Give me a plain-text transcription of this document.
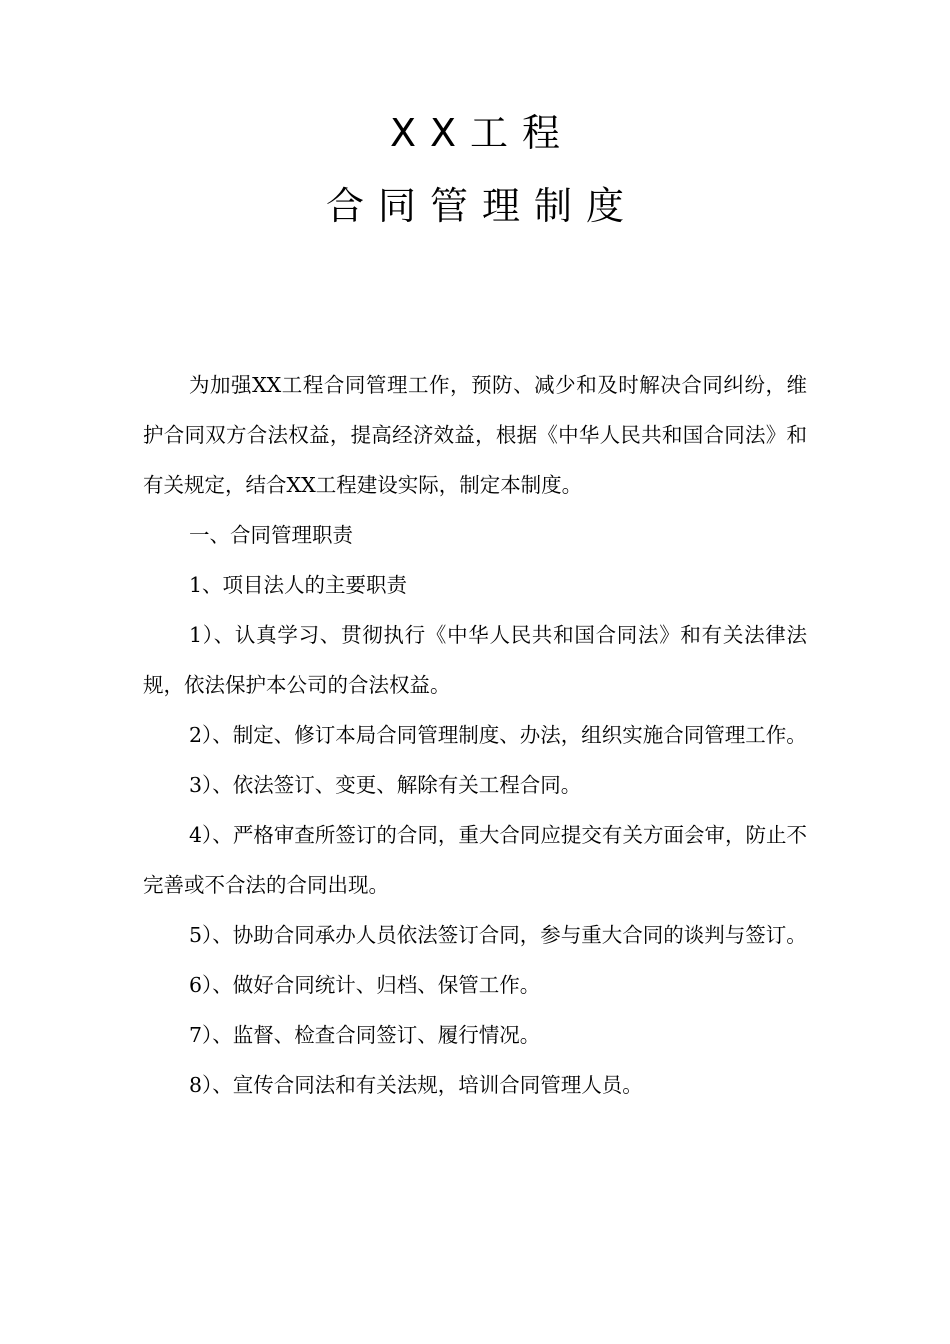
XX工程
合同管理制度

为加强XX工程合同管理工作，预防、减少和及时解决合同纠纷，维护合同双方合法权益，提高经济效益，根据《中华人民共和国合同法》和有关规定，结合XX工程建设实际，制定本制度。

一、合同管理职责

1、项目法人的主要职责

1）、认真学习、贯彻执行《中华人民共和国合同法》和有关法律法规，依法保护本公司的合法权益。

2）、制定、修订本局合同管理制度、办法，组织实施合同管理工作。

3）、依法签订、变更、解除有关工程合同。

4）、严格审查所签订的合同，重大合同应提交有关方面会审，防止不完善或不合法的合同出现。

5）、协助合同承办人员依法签订合同，参与重大合同的谈判与签订。

6）、做好合同统计、归档、保管工作。

7）、监督、检查合同签订、履行情况。

8）、宣传合同法和有关法规，培训合同管理人员。
